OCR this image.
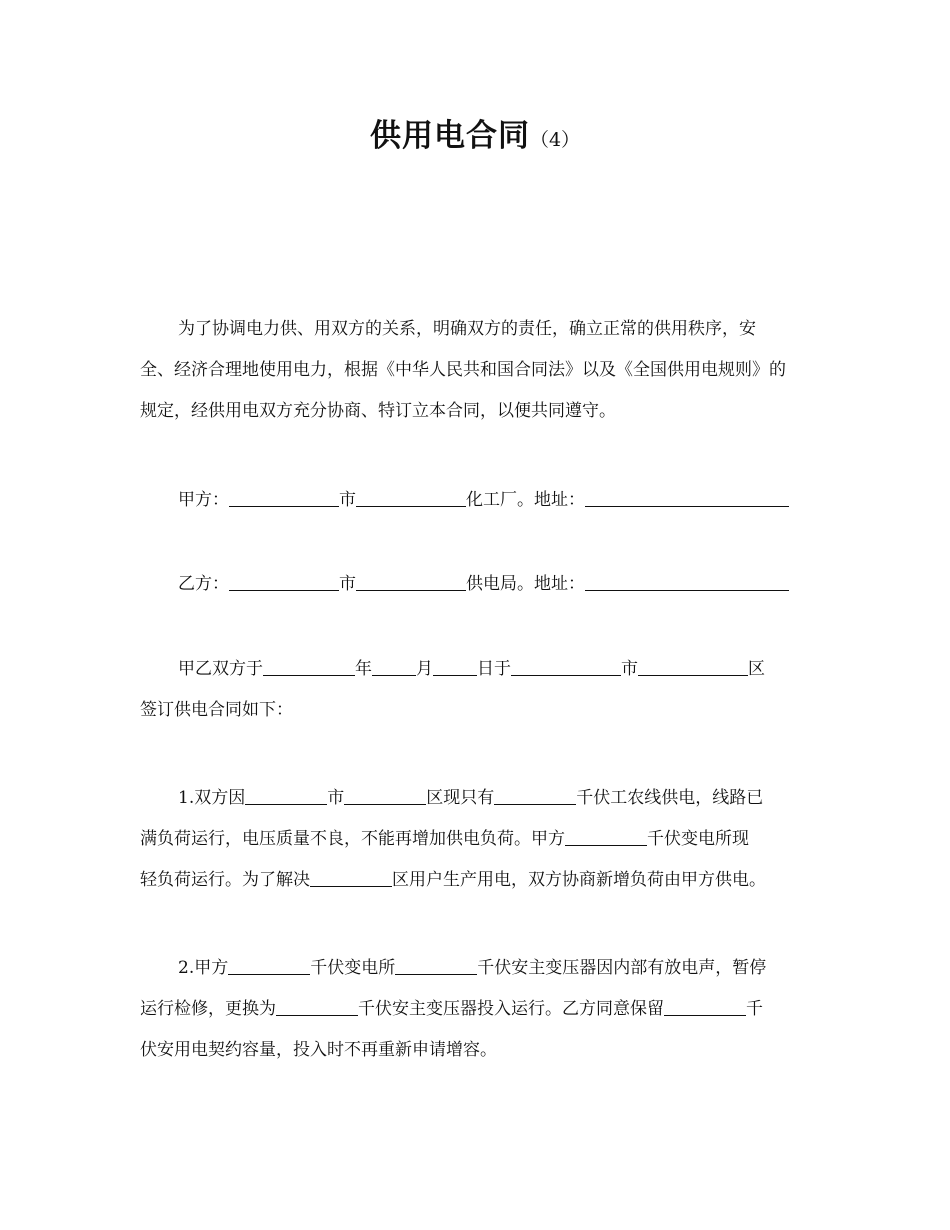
供用电合同（4）
为了协调电力供、用双方的关系，明确双方的责任，确立正常的供用秩序，安
全、经济合理地使用电力，根据《中华人民共和国合同法》以及《全国供用电规则》的
规定，经供用电双方充分协商、特订立本合同，以便共同遵守。
甲方：	市	化工厂。地址：
乙方：	市	供电局。地址：
甲乙双方于	年	月	日于	市	区
签订供电合同如下：
1.双方因	市	区现只有	千伏工农线供电，线路已
满负荷运行，电压质量不良，不能再增加供电负荷。甲方	千伏变电所现
轻负荷运行。为了解决	区用户生产用电，双方协商新增负荷由甲方供电。
2.甲方	千伏变电所	千伏安主变压器因内部有放电声，暂停
运行检修，更换为	千伏安主变压器投入运行。乙方同意保留	千
伏安用电契约容量，投入时不再重新申请增容。
